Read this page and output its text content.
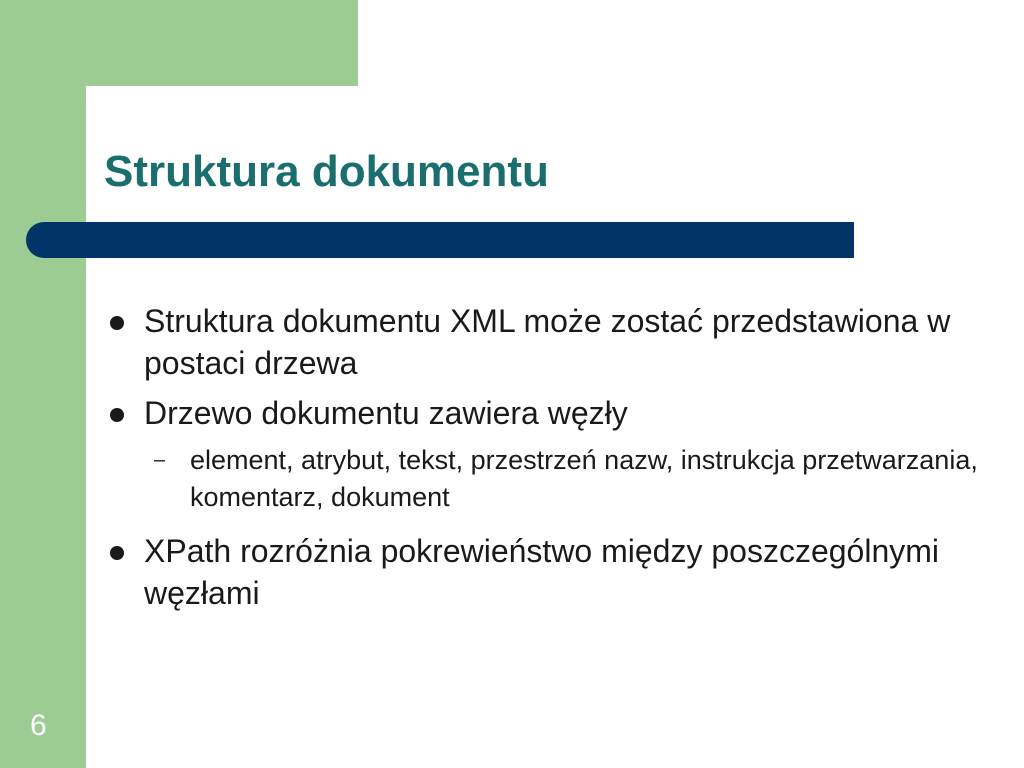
Struktura dokumentu
Struktura dokumentu XML może zostać przedstawiona w postaci drzewa
Drzewo dokumentu zawiera węzły
– element, atrybut, tekst, przestrzeń nazw, instrukcja przetwarzania, komentarz, dokument
XPath rozróżnia pokrewieństwo między poszczególnymi węzłami
6
